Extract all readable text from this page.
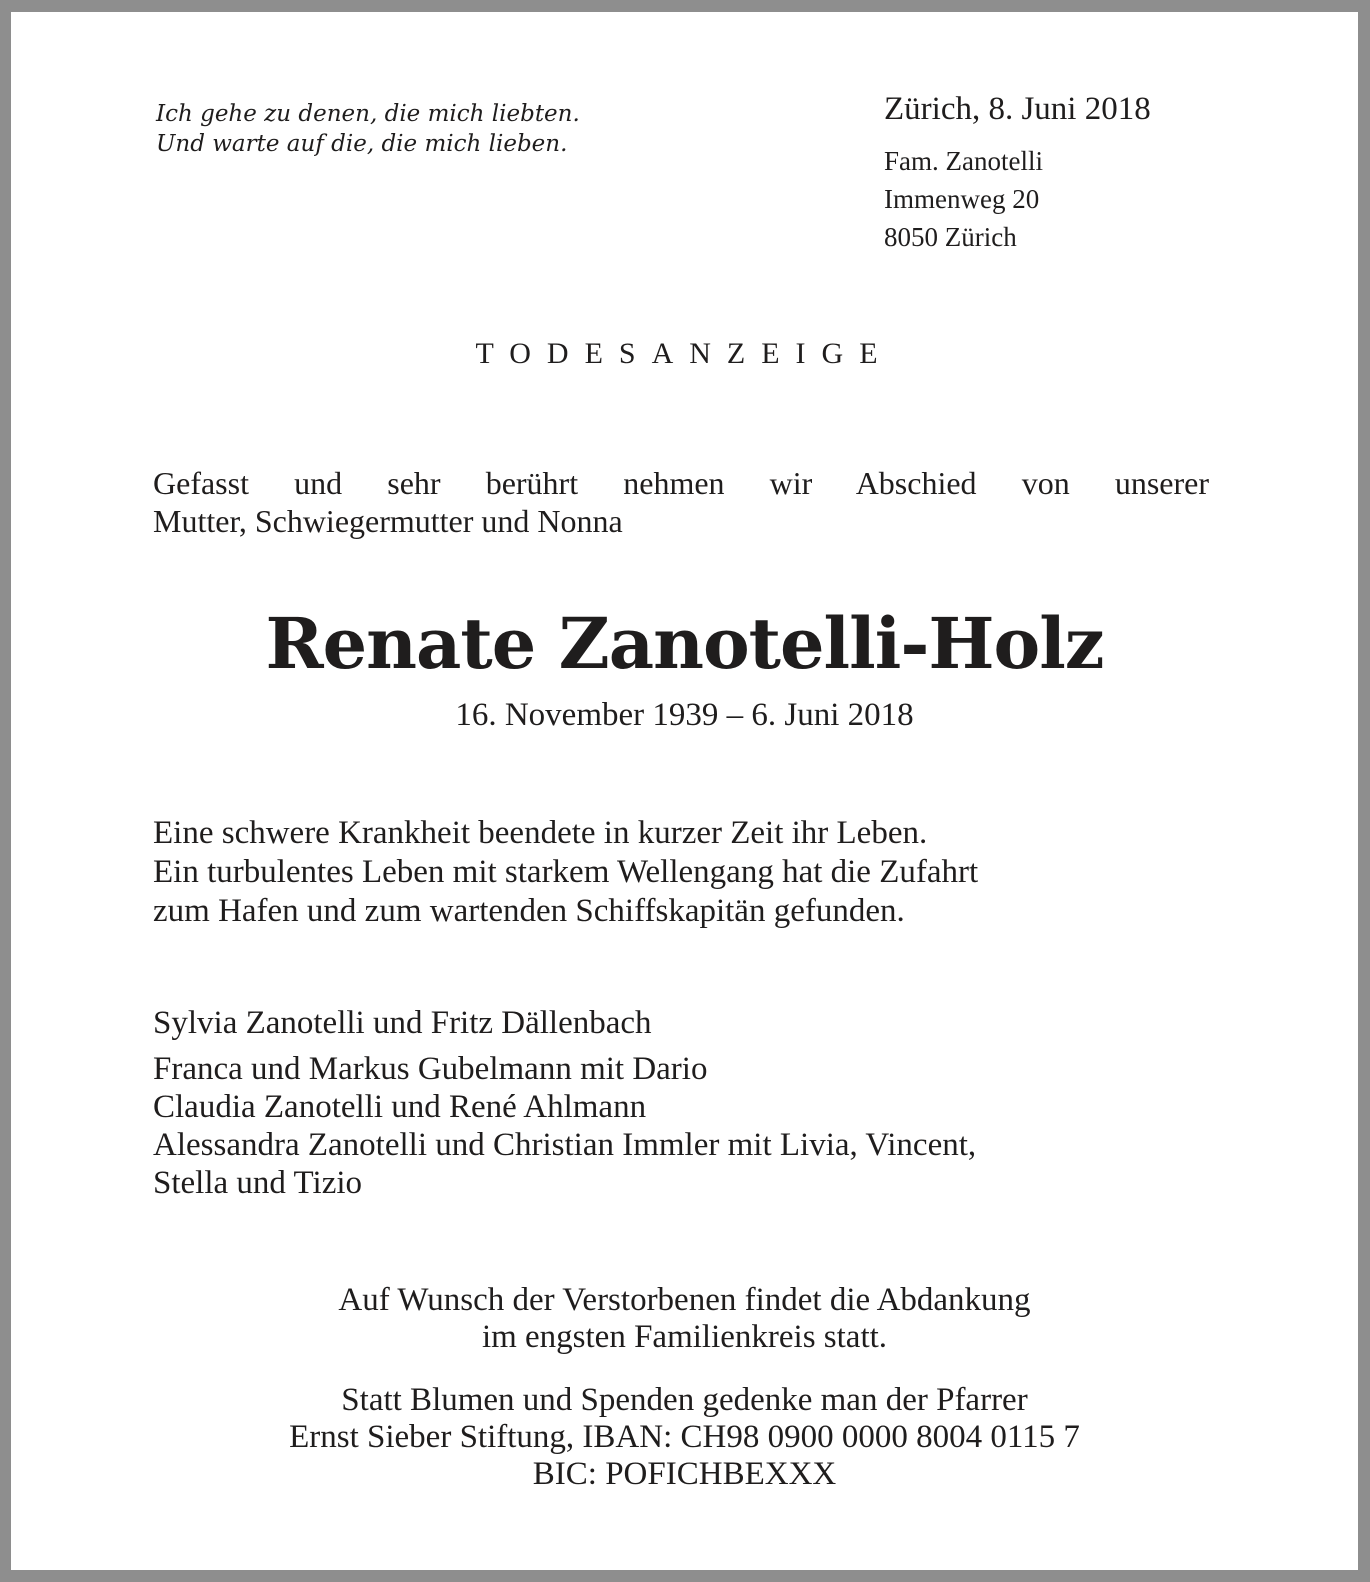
Ich gehe zu denen, die mich liebten.
Und warte auf die, die mich lieben.
Zürich, 8. Juni 2018
Fam. Zanotelli
Immenweg 20
8050 Zürich
TODESANZEIGE
Gefasst und sehr berührt nehmen wir Abschied von unserer
Mutter, Schwiegermutter und Nonna
Renate Zanotelli-Holz
16. November 1939 – 6. Juni 2018
Eine schwere Krankheit beendete in kurzer Zeit ihr Leben.
Ein turbulentes Leben mit starkem Wellengang hat die Zufahrt
zum Hafen und zum wartenden Schiffskapitän gefunden.
Sylvia Zanotelli und Fritz Dällenbach
Franca und Markus Gubelmann mit Dario
Claudia Zanotelli und René Ahlmann
Alessandra Zanotelli und Christian Immler mit Livia, Vincent,
Stella und Tizio
Auf Wunsch der Verstorbenen findet die Abdankung
im engsten Familienkreis statt.
Statt Blumen und Spenden gedenke man der Pfarrer
Ernst Sieber Stiftung, IBAN: CH98 0900 0000 8004 0115 7
BIC: POFICHBEXXX
